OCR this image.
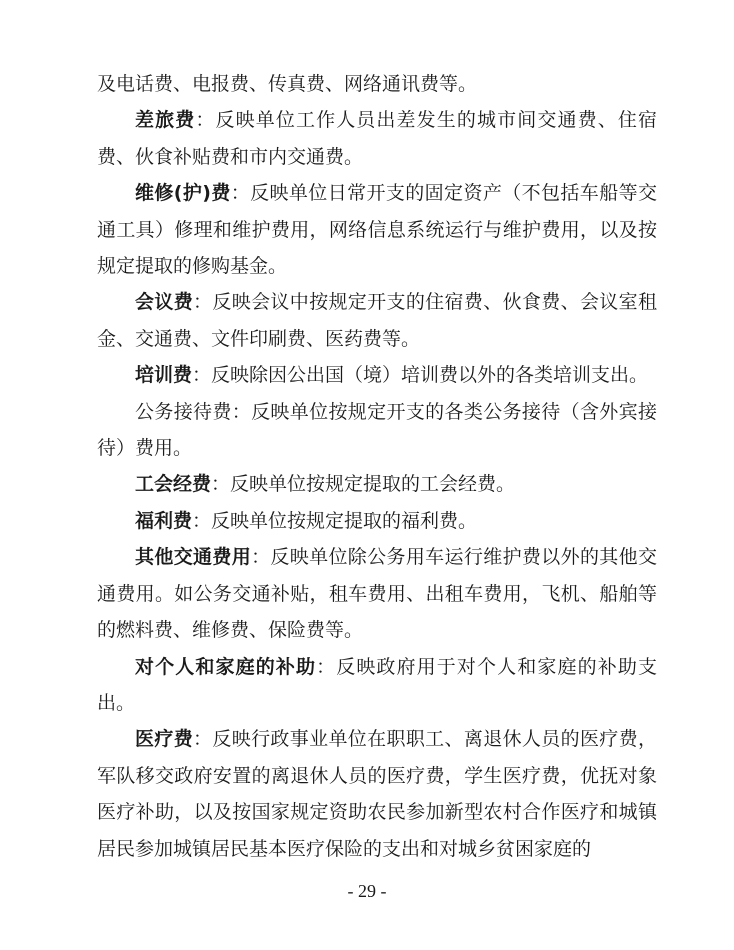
及电话费、电报费、传真费、网络通讯费等。

差旅费：反映单位工作人员出差发生的城市间交通费、住宿费、伙食补贴费和市内交通费。

维修(护)费：反映单位日常开支的固定资产（不包括车船等交通工具）修理和维护费用，网络信息系统运行与维护费用，以及按规定提取的修购基金。

会议费：反映会议中按规定开支的住宿费、伙食费、会议室租金、交通费、文件印刷费、医药费等。

培训费：反映除因公出国（境）培训费以外的各类培训支出。

公务接待费：反映单位按规定开支的各类公务接待（含外宾接待）费用。

工会经费：反映单位按规定提取的工会经费。

福利费：反映单位按规定提取的福利费。

其他交通费用：反映单位除公务用车运行维护费以外的其他交通费用。如公务交通补贴，租车费用、出租车费用，飞机、船舶等的燃料费、维修费、保险费等。

对个人和家庭的补助：反映政府用于对个人和家庭的补助支出。

医疗费：反映行政事业单位在职职工、离退休人员的医疗费，军队移交政府安置的离退休人员的医疗费，学生医疗费，优抚对象医疗补助，以及按国家规定资助农民参加新型农村合作医疗和城镇居民参加城镇居民基本医疗保险的支出和对城乡贫困家庭的

- 29 -
